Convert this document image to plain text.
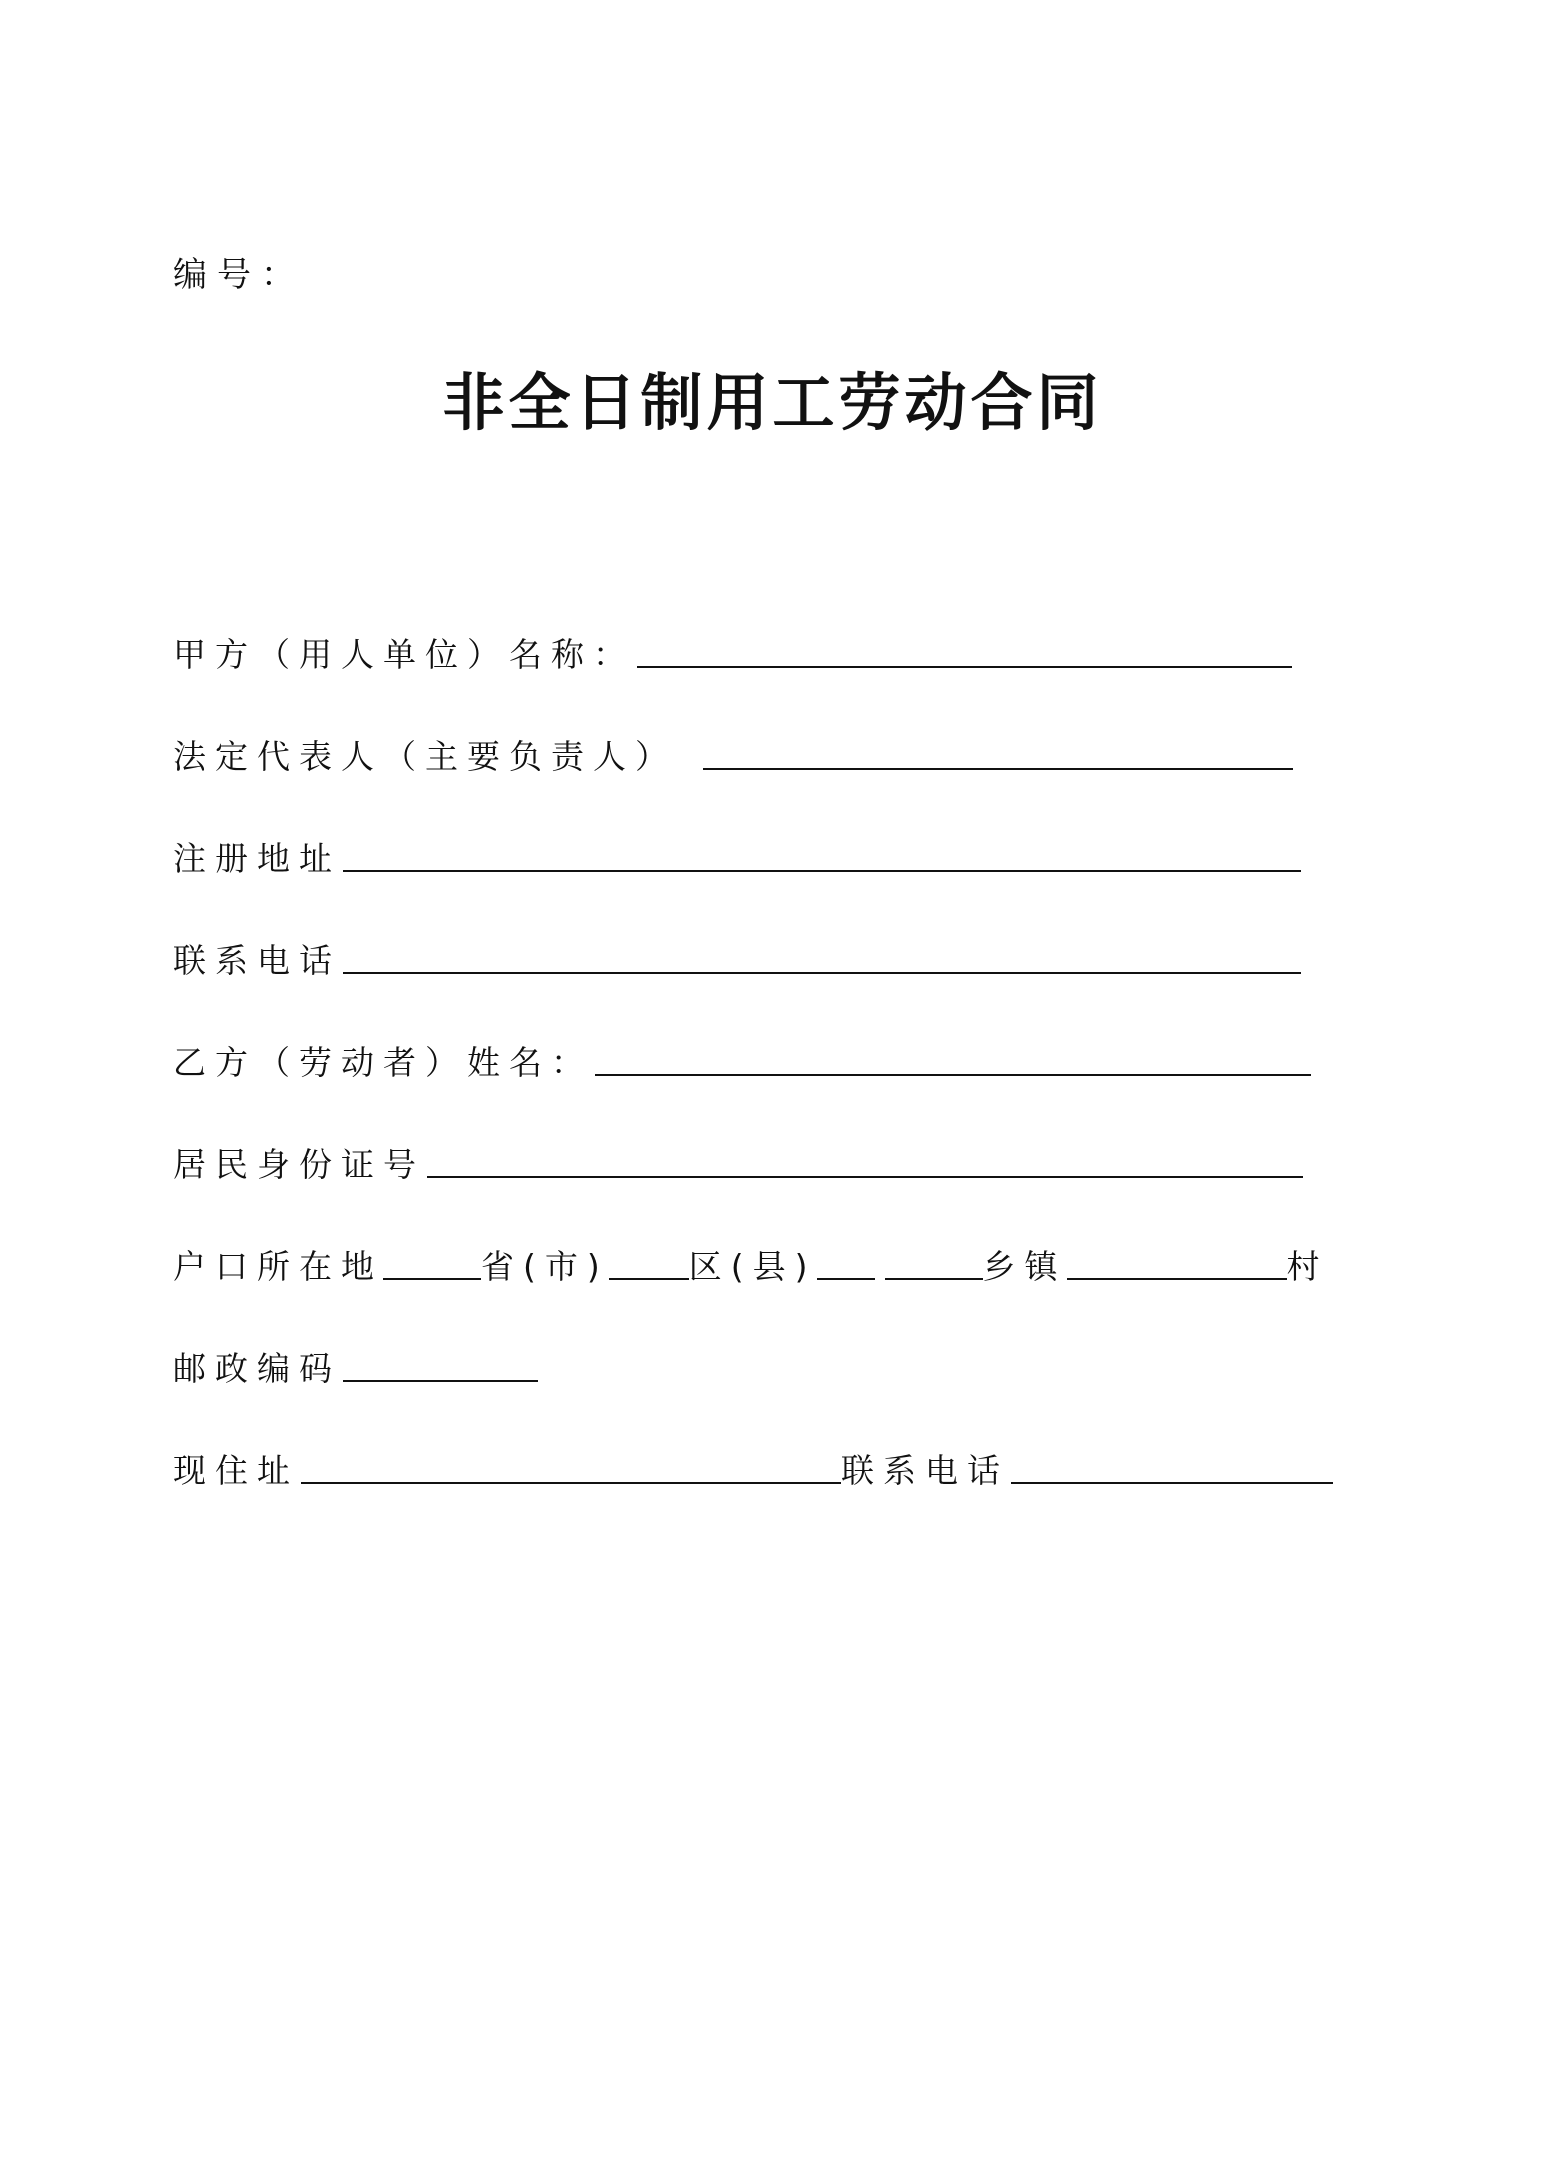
编号：
非全日制用工劳动合同
甲方（用人单位）名称：
法定代表人（主要负责人）
注册地址
联系电话
乙方（劳动者）姓名：
居民身份证号
户口所在地	省(市) 区(县)	乡镇	村
邮政编码
现住址	联系电话
